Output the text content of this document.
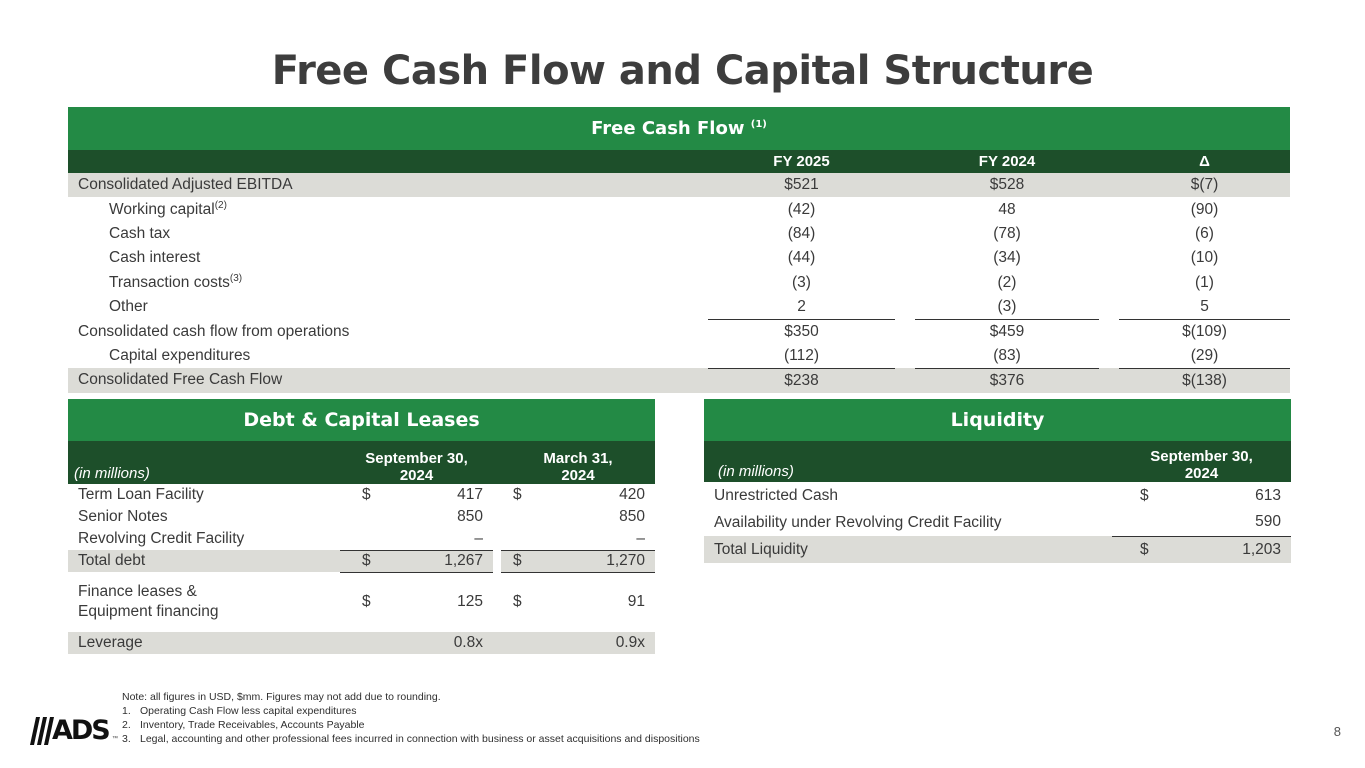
Free Cash Flow and Capital Structure
Free Cash Flow $^{(1)}$
	FY 2025		FY 2024		Δ
Consolidated Adjusted EBITDA	$521		$528		$(7)
Working capital$^{(2)}$	(42)		48		(90)
Cash tax	(84)		(78)		(6)
Cash interest	(44)		(34)		(10)
Transaction costs$^{(3)}$	(3)		(2)		(1)
Other	2		(3)		5
Consolidated cash flow from operations	$350		$459		$(109)
Capital expenditures	(112)		(83)		(29)
Consolidated Free Cash Flow	$238		$376		$(138)
Debt & Capital Leases					
(in millions)	September 30, 2024			March 31, 2024	
Term Loan Facility	$	417		$	420
Senior Notes		850			850
Revolving Credit Facility		–			–
Total debt	$	1,267		$	1,270
Finance leases & Equipment financing	$	125		$	91
Leverage		0.8x			0.9x
Liquidity	
(in millions)	September 30, 2024
Unrestricted Cash	$ 613

Availability under Revolving Credit Facility	590

Total Liquidity	$ 1,203
Note: all figures in USD, $mm. Figures may not add due to rounding.
1. Operating Cash Flow less capital expenditures
2. Inventory, Trade Receivables, Accounts Payable
3. Legal, accounting and other professional fees incurred in connection with business or asset acquisitions and dispositions
ADS ™	8
